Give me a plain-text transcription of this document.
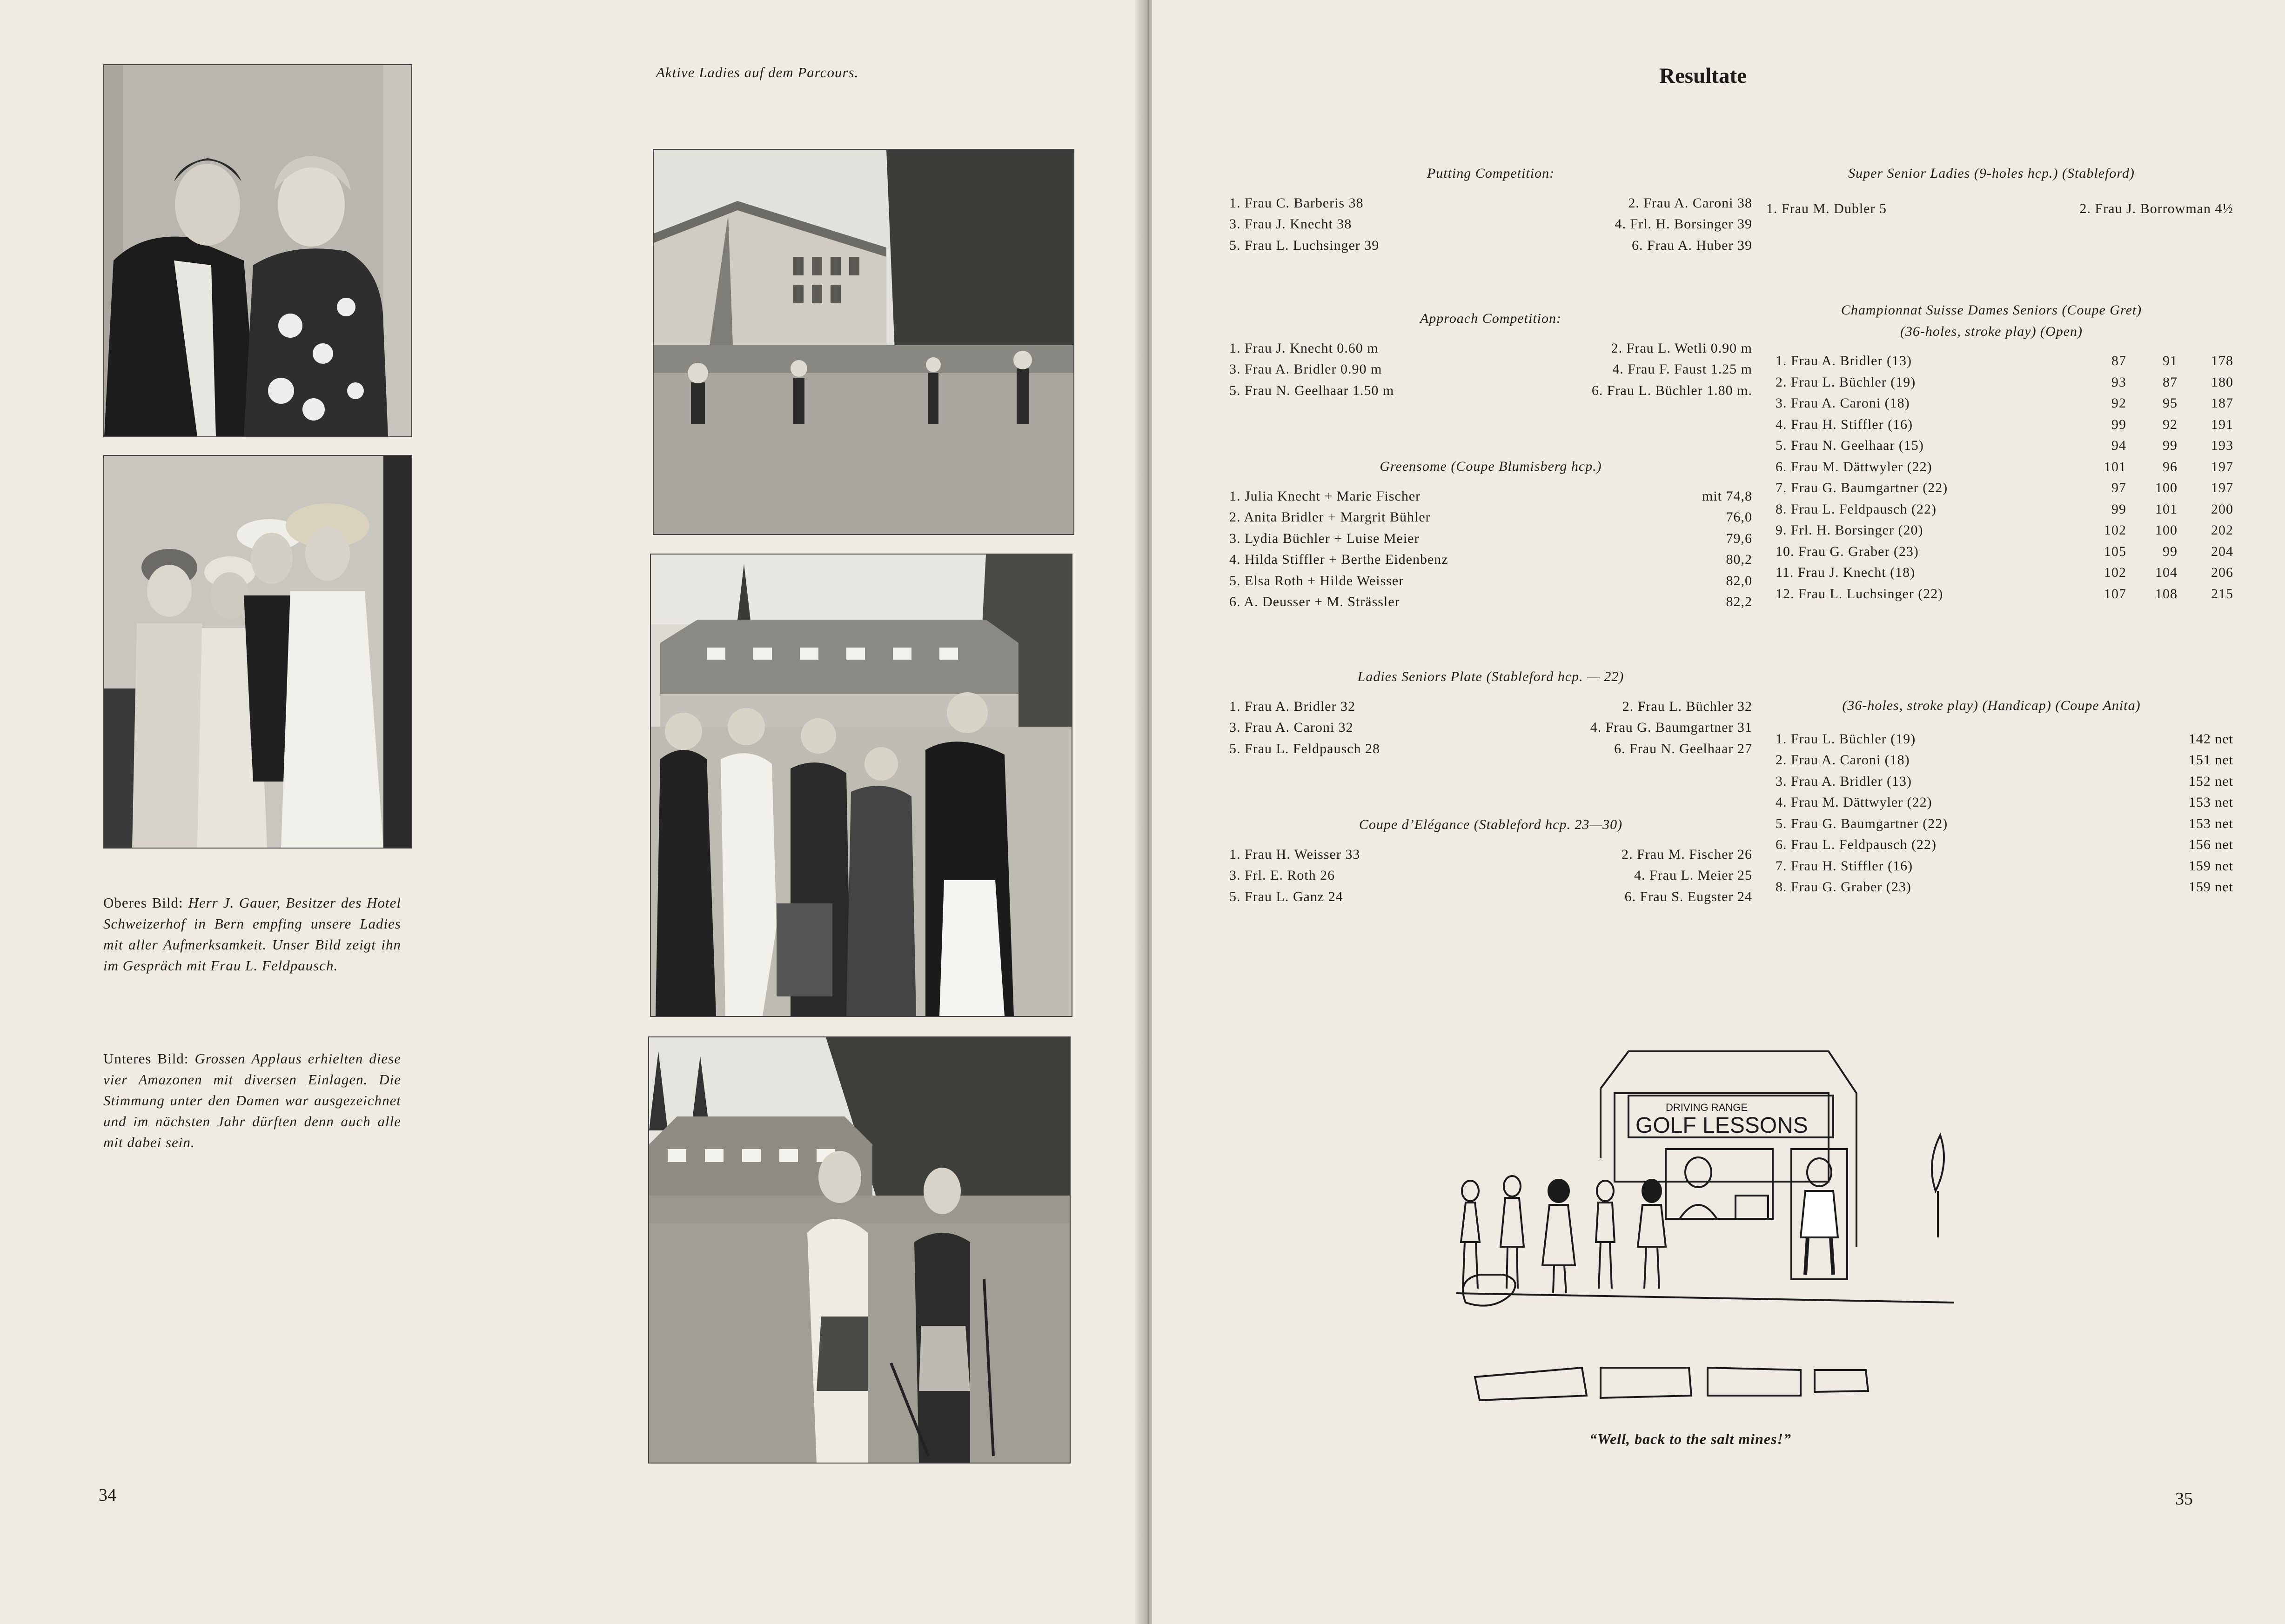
Oberes Bild: Herr J. Gauer, Besitzer des Hotel Schweizerhof in Bern empfing unsere Ladies mit aller Aufmerksamkeit. Unser Bild zeigt ihn im Gespräch mit Frau L. Feldpausch.
Unteres Bild: Grossen Applaus erhielten diese vier Amazonen mit diversen Einlagen. Die Stimmung unter den Damen war ausgezeichnet und im nächsten Jahr dürften denn auch alle mit dabei sein.
Aktive Ladies auf dem Parcours.
34
Resultate
Putting Competition:
1. Frau C. Barberis 38	2. Frau A. Caroni 38
3. Frau J. Knecht 38	4. Frl. H. Borsinger 39
5. Frau L. Luchsinger 39	6. Frau A. Huber 39
Approach Competition:
1. Frau J. Knecht 0.60 m	2. Frau L. Wetli 0.90 m
3. Frau A. Bridler 0.90 m	4. Frau F. Faust 1.25 m
5. Frau N. Geelhaar 1.50 m	6. Frau L. Büchler 1.80 m.
Greensome (Coupe Blumisberg hcp.)
1. Julia Knecht + Marie Fischer	mit 74,8
2. Anita Bridler + Margrit Bühler	76,0
3. Lydia Büchler + Luise Meier	79,6
4. Hilda Stiffler + Berthe Eidenbenz	80,2
5. Elsa Roth + Hilde Weisser	82,0
6. A. Deusser + M. Strässler	82,2
Ladies Seniors Plate (Stableford hcp. — 22)
1. Frau A. Bridler 32	2. Frau L. Büchler 32
3. Frau A. Caroni 32	4. Frau G. Baumgartner 31
5. Frau L. Feldpausch 28	6. Frau N. Geelhaar 27
Coupe d’Elégance (Stableford hcp. 23—30)
1. Frau H. Weisser 33	2. Frau M. Fischer 26
3. Frl. E. Roth 26	4. Frau L. Meier 25
5. Frau L. Ganz 24	6. Frau S. Eugster 24
Super Senior Ladies (9-holes hcp.) (Stableford)
1. Frau M. Dubler 5	2. Frau J. Borrowman 4½
Championnat Suisse Dames Seniors (Coupe Gret)
(36-holes, stroke play) (Open)
1. Frau A. Bridler (13)	87	91	178
2. Frau L. Büchler (19)	93	87	180
3. Frau A. Caroni (18)	92	95	187
4. Frau H. Stiffler (16)	99	92	191
5. Frau N. Geelhaar (15)	94	99	193
6. Frau M. Dättwyler (22)	101	96	197
7. Frau G. Baumgartner (22)	97	100	197
8. Frau L. Feldpausch (22)	99	101	200
9. Frl. H. Borsinger (20)	102	100	202
10. Frau G. Graber (23)	105	99	204
11. Frau J. Knecht (18)	102	104	206
12. Frau L. Luchsinger (22)	107	108	215
(36-holes, stroke play) (Handicap) (Coupe Anita)
1. Frau L. Büchler (19)	142 net
2. Frau A. Caroni (18)	151 net
3. Frau A. Bridler (13)	152 net
4. Frau M. Dättwyler (22)	153 net
5. Frau G. Baumgartner (22)	153 net
6. Frau L. Feldpausch (22)	156 net
7. Frau H. Stiffler (16)	159 net
8. Frau G. Graber (23)	159 net
DRIVING RANGE
GOLF LESSONS
“Well, back to the salt mines!”
35
